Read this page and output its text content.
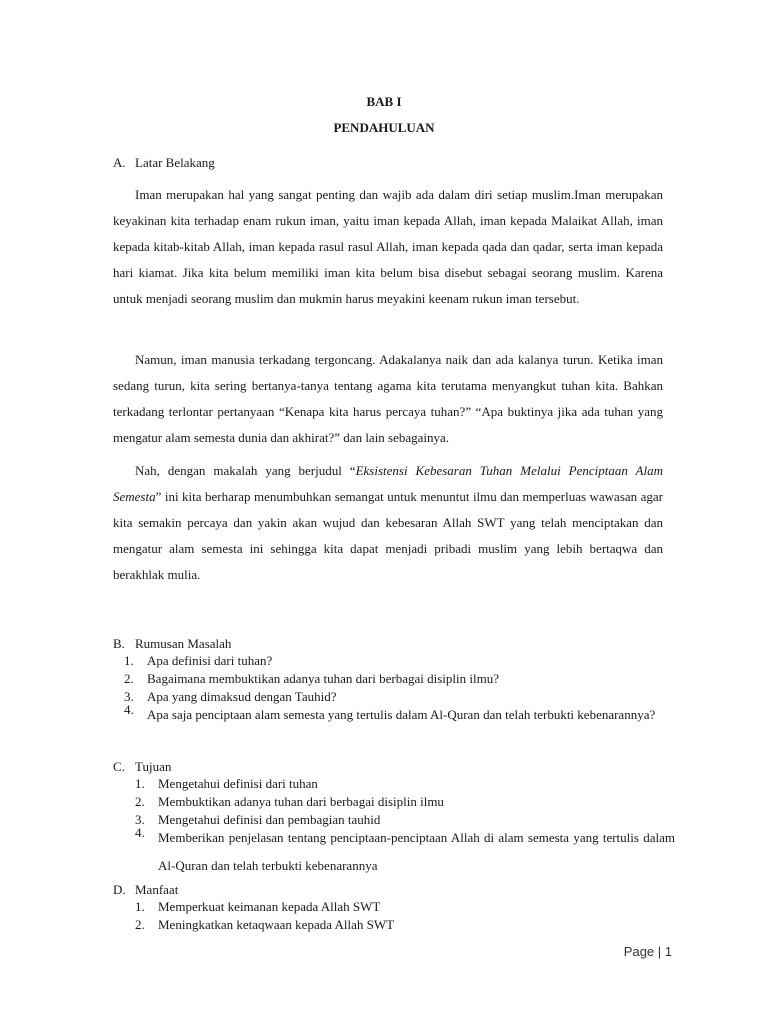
BAB I
PENDAHULUAN
A. Latar Belakang

Iman merupakan hal yang sangat penting dan wajib ada dalam diri setiap muslim.Iman merupakan keyakinan kita terhadap enam rukun iman, yaitu iman kepada Allah, iman kepada Malaikat Allah, iman kepada kitab-kitab Allah, iman kepada rasul rasul Allah, iman kepada qada dan qadar, serta iman kepada hari kiamat. Jika kita belum memiliki iman kita belum bisa disebut sebagai seorang muslim. Karena untuk menjadi seorang muslim dan mukmin harus meyakini keenam rukun iman tersebut.

Namun, iman manusia terkadang tergoncang. Adakalanya naik dan ada kalanya turun. Ketika iman sedang turun, kita sering bertanya-tanya tentang agama kita terutama menyangkut tuhan kita. Bahkan terkadang terlontar pertanyaan “Kenapa kita harus percaya tuhan?” “Apa buktinya jika ada tuhan yang mengatur alam semesta dunia dan akhirat?” dan lain sebagainya.

Nah, dengan makalah yang berjudul “Eksistensi Kebesaran Tuhan Melalui Penciptaan Alam Semesta” ini kita berharap menumbuhkan semangat untuk menuntut ilmu dan memperluas wawasan agar kita semakin percaya dan yakin akan wujud dan kebesaran Allah SWT yang telah menciptakan dan mengatur alam semesta ini sehingga kita dapat menjadi pribadi muslim yang lebih bertaqwa dan berakhlak mulia.

B. Rumusan Masalah
1. Apa definisi dari tuhan?
2. Bagaimana membuktikan adanya tuhan dari berbagai disiplin ilmu?
3. Apa yang dimaksud dengan Tauhid?
4. Apa saja penciptaan alam semesta yang tertulis dalam Al-Quran dan telah terbukti kebenarannya?
C. Tujuan
1. Mengetahui definisi dari tuhan
2. Membuktikan adanya tuhan dari berbagai disiplin ilmu
3. Mengetahui definisi dan pembagian tauhid
4. Memberikan penjelasan tentang penciptaan-penciptaan Allah di alam semesta yang tertulis dalam Al-Quran dan telah terbukti kebenarannya
D. Manfaat
1. Memperkuat keimanan kepada Allah SWT
2. Meningkatkan ketaqwaan kepada Allah SWT
Page | 1
